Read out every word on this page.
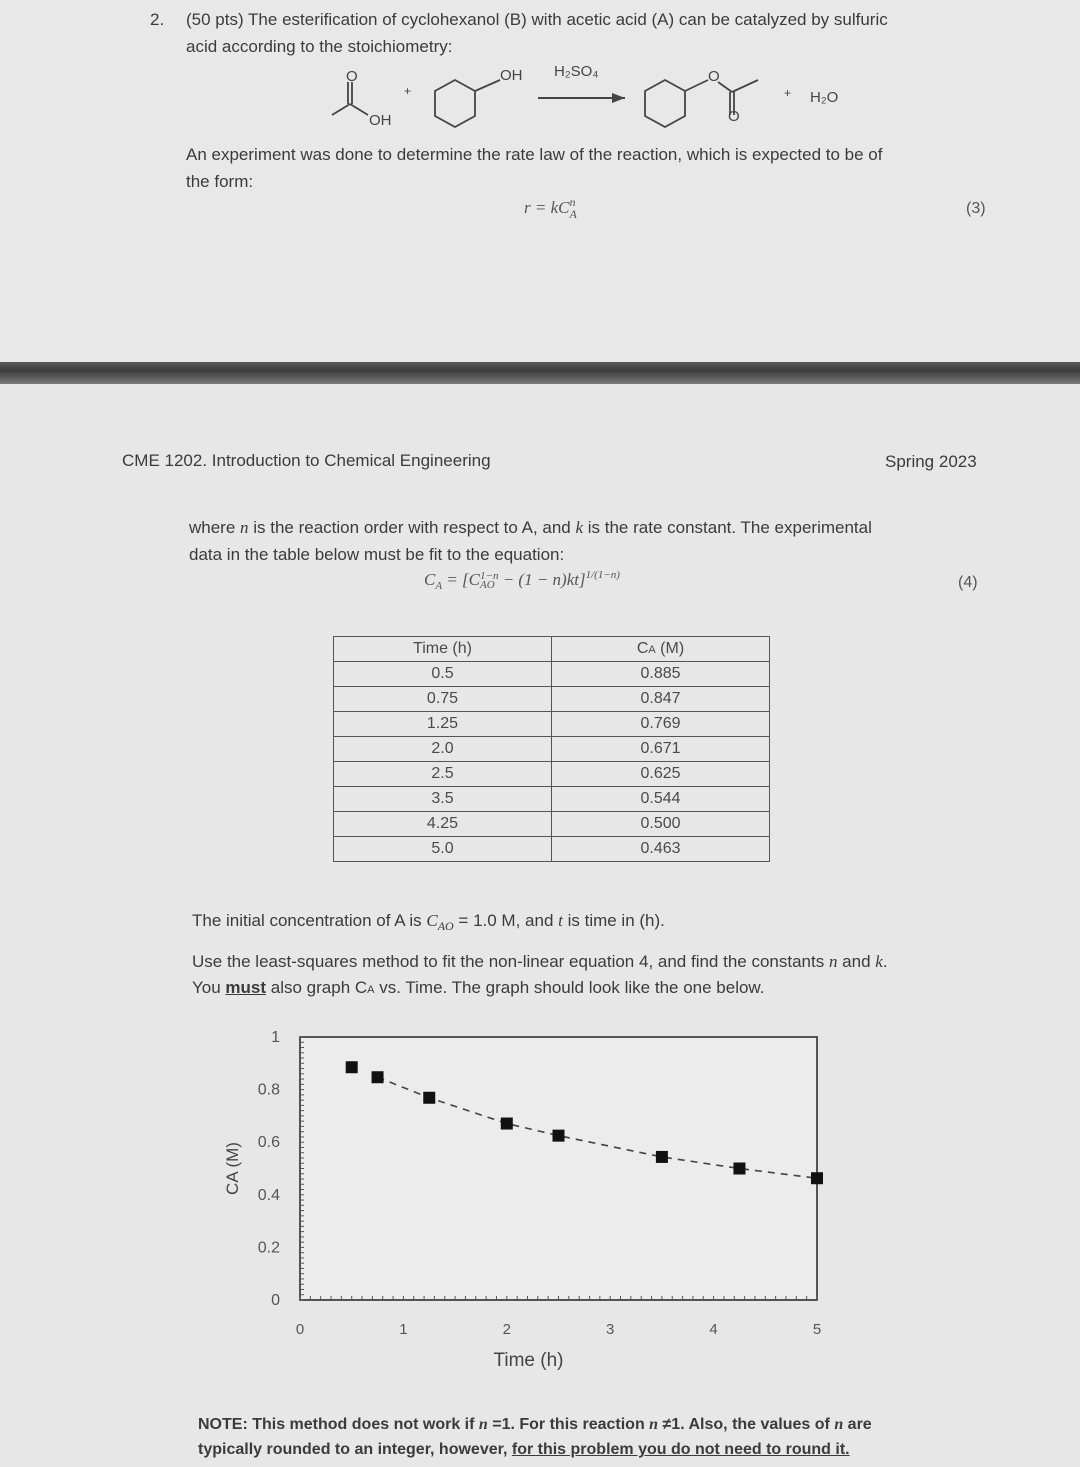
2. (50 pts) The esterification of cyclohexanol (B) with acetic acid (A) can be catalyzed by sulfuric
acid according to the stoichiometry:
O
OH
+
OH H₂SO₄	O
O
+ H₂O
An experiment was done to determine the rate law of the reaction, which is expected to be of
the form:
$r = kC^n_A$	(3)
CME 1202. Introduction to Chemical Engineering	Spring 2023
where n is the reaction order with respect to A, and k is the rate constant. The experimental
data in the table below must be fit to the equation:
$C_A = [C1-n$
AO − (1 − n)kt]$^{1/(1-n)}$	(4)
Time (h)	CA (M)
0.5	0.885
0.75	0.847
1.25	0.769
2.0	0.671
2.5	0.625
3.5	0.544
4.25	0.500
5.0	0.463
The initial concentration of A is $C_{AO} = 1.0$ M, and t is time in (h).
Use the least-squares method to fit the non-linear equation 4, and find the constants n and k.
You must also graph CA vs. Time. The graph should look like the one below.
0	1	2	3	4	5
0
0.2
0.4
0.6
0.8
1
Time (h)
CA (M)
NOTE: This method does not work if n =1. For this reaction n ≠1. Also, the values of n are
typically rounded to an integer, however, for this problem you do not need to round it.
